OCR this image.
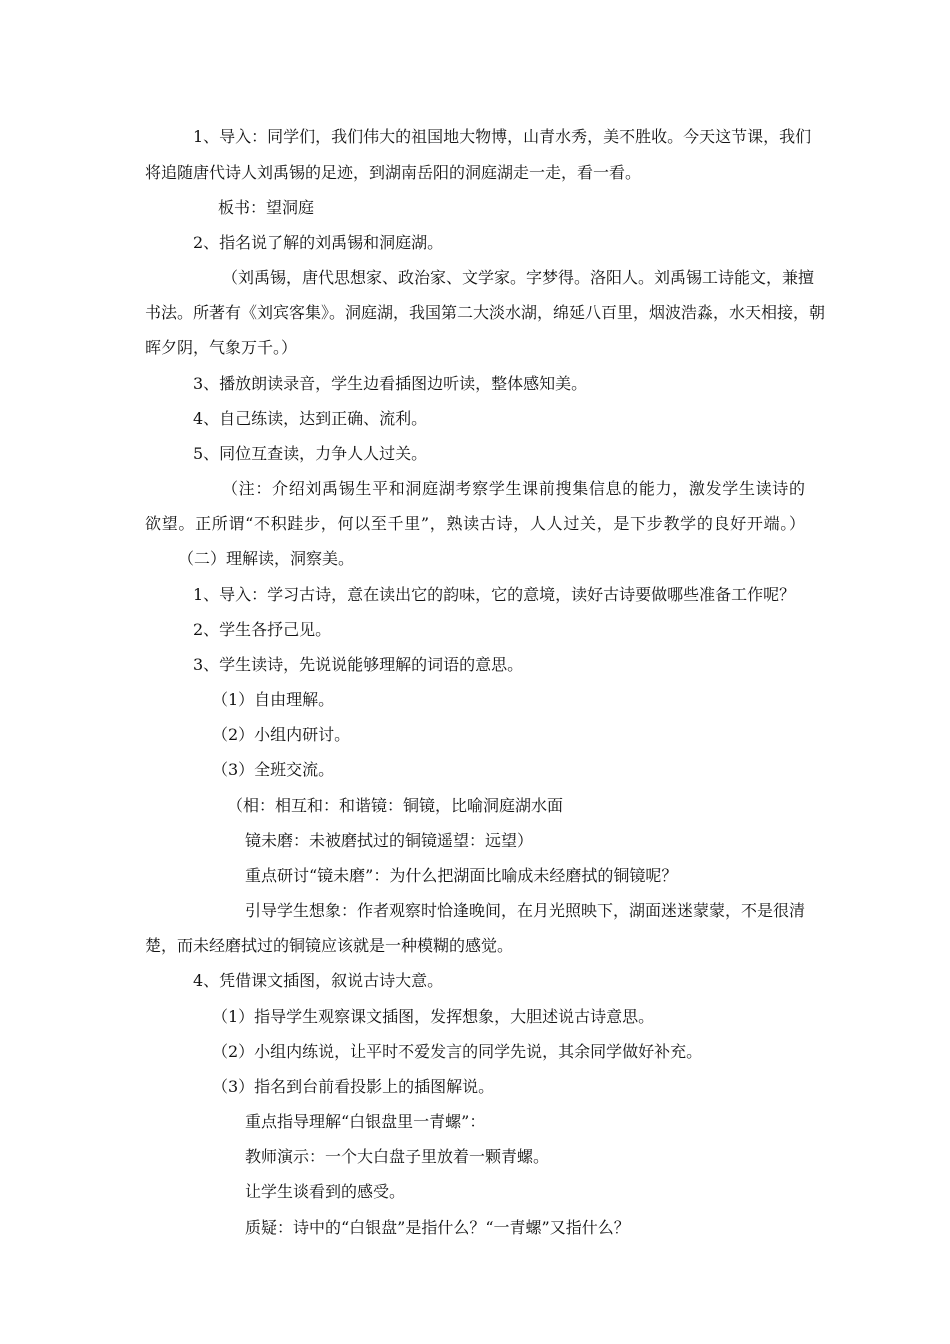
1、导入：同学们，我们伟大的祖国地大物博，山青水秀，美不胜收。今天这节课，我们
将追随唐代诗人刘禹锡的足迹，到湖南岳阳的洞庭湖走一走，看一看。
板书：望洞庭
2、指名说了解的刘禹锡和洞庭湖。
（刘禹锡，唐代思想家、政治家、文学家。字梦得。洛阳人。刘禹锡工诗能文，兼擅
书法。所著有《刘宾客集》。洞庭湖，我国第二大淡水湖，绵延八百里，烟波浩淼，水天相接，朝
晖夕阴，气象万千。）
3、播放朗读录音，学生边看插图边听读，整体感知美。
4、自己练读，达到正确、流利。
5、同位互查读，力争人人过关。
（注：介绍刘禹锡生平和洞庭湖考察学生课前搜集信息的能力，激发学生读诗的
欲望。正所谓“不积跬步，何以至千里”，熟读古诗，人人过关，是下步教学的良好开端。）
（二）理解读，洞察美。
1、导入：学习古诗，意在读出它的韵味，它的意境，读好古诗要做哪些准备工作呢？
2、学生各抒己见。
3、学生读诗，先说说能够理解的词语的意思。
（1）自由理解。
（2）小组内研讨。
（3）全班交流。
（相：相互和：和谐镜：铜镜，比喻洞庭湖水面
镜未磨：未被磨拭过的铜镜遥望：远望）
重点研讨“镜未磨”：为什么把湖面比喻成未经磨拭的铜镜呢？
引导学生想象：作者观察时恰逢晚间，在月光照映下，湖面迷迷蒙蒙，不是很清
楚，而未经磨拭过的铜镜应该就是一种模糊的感觉。
4、凭借课文插图，叙说古诗大意。
（1）指导学生观察课文插图，发挥想象，大胆述说古诗意思。
（2）小组内练说，让平时不爱发言的同学先说，其余同学做好补充。
（3）指名到台前看投影上的插图解说。
重点指导理解“白银盘里一青螺”：
教师演示：一个大白盘子里放着一颗青螺。
让学生谈看到的感受。
质疑：诗中的“白银盘”是指什么？“一青螺”又指什么？
